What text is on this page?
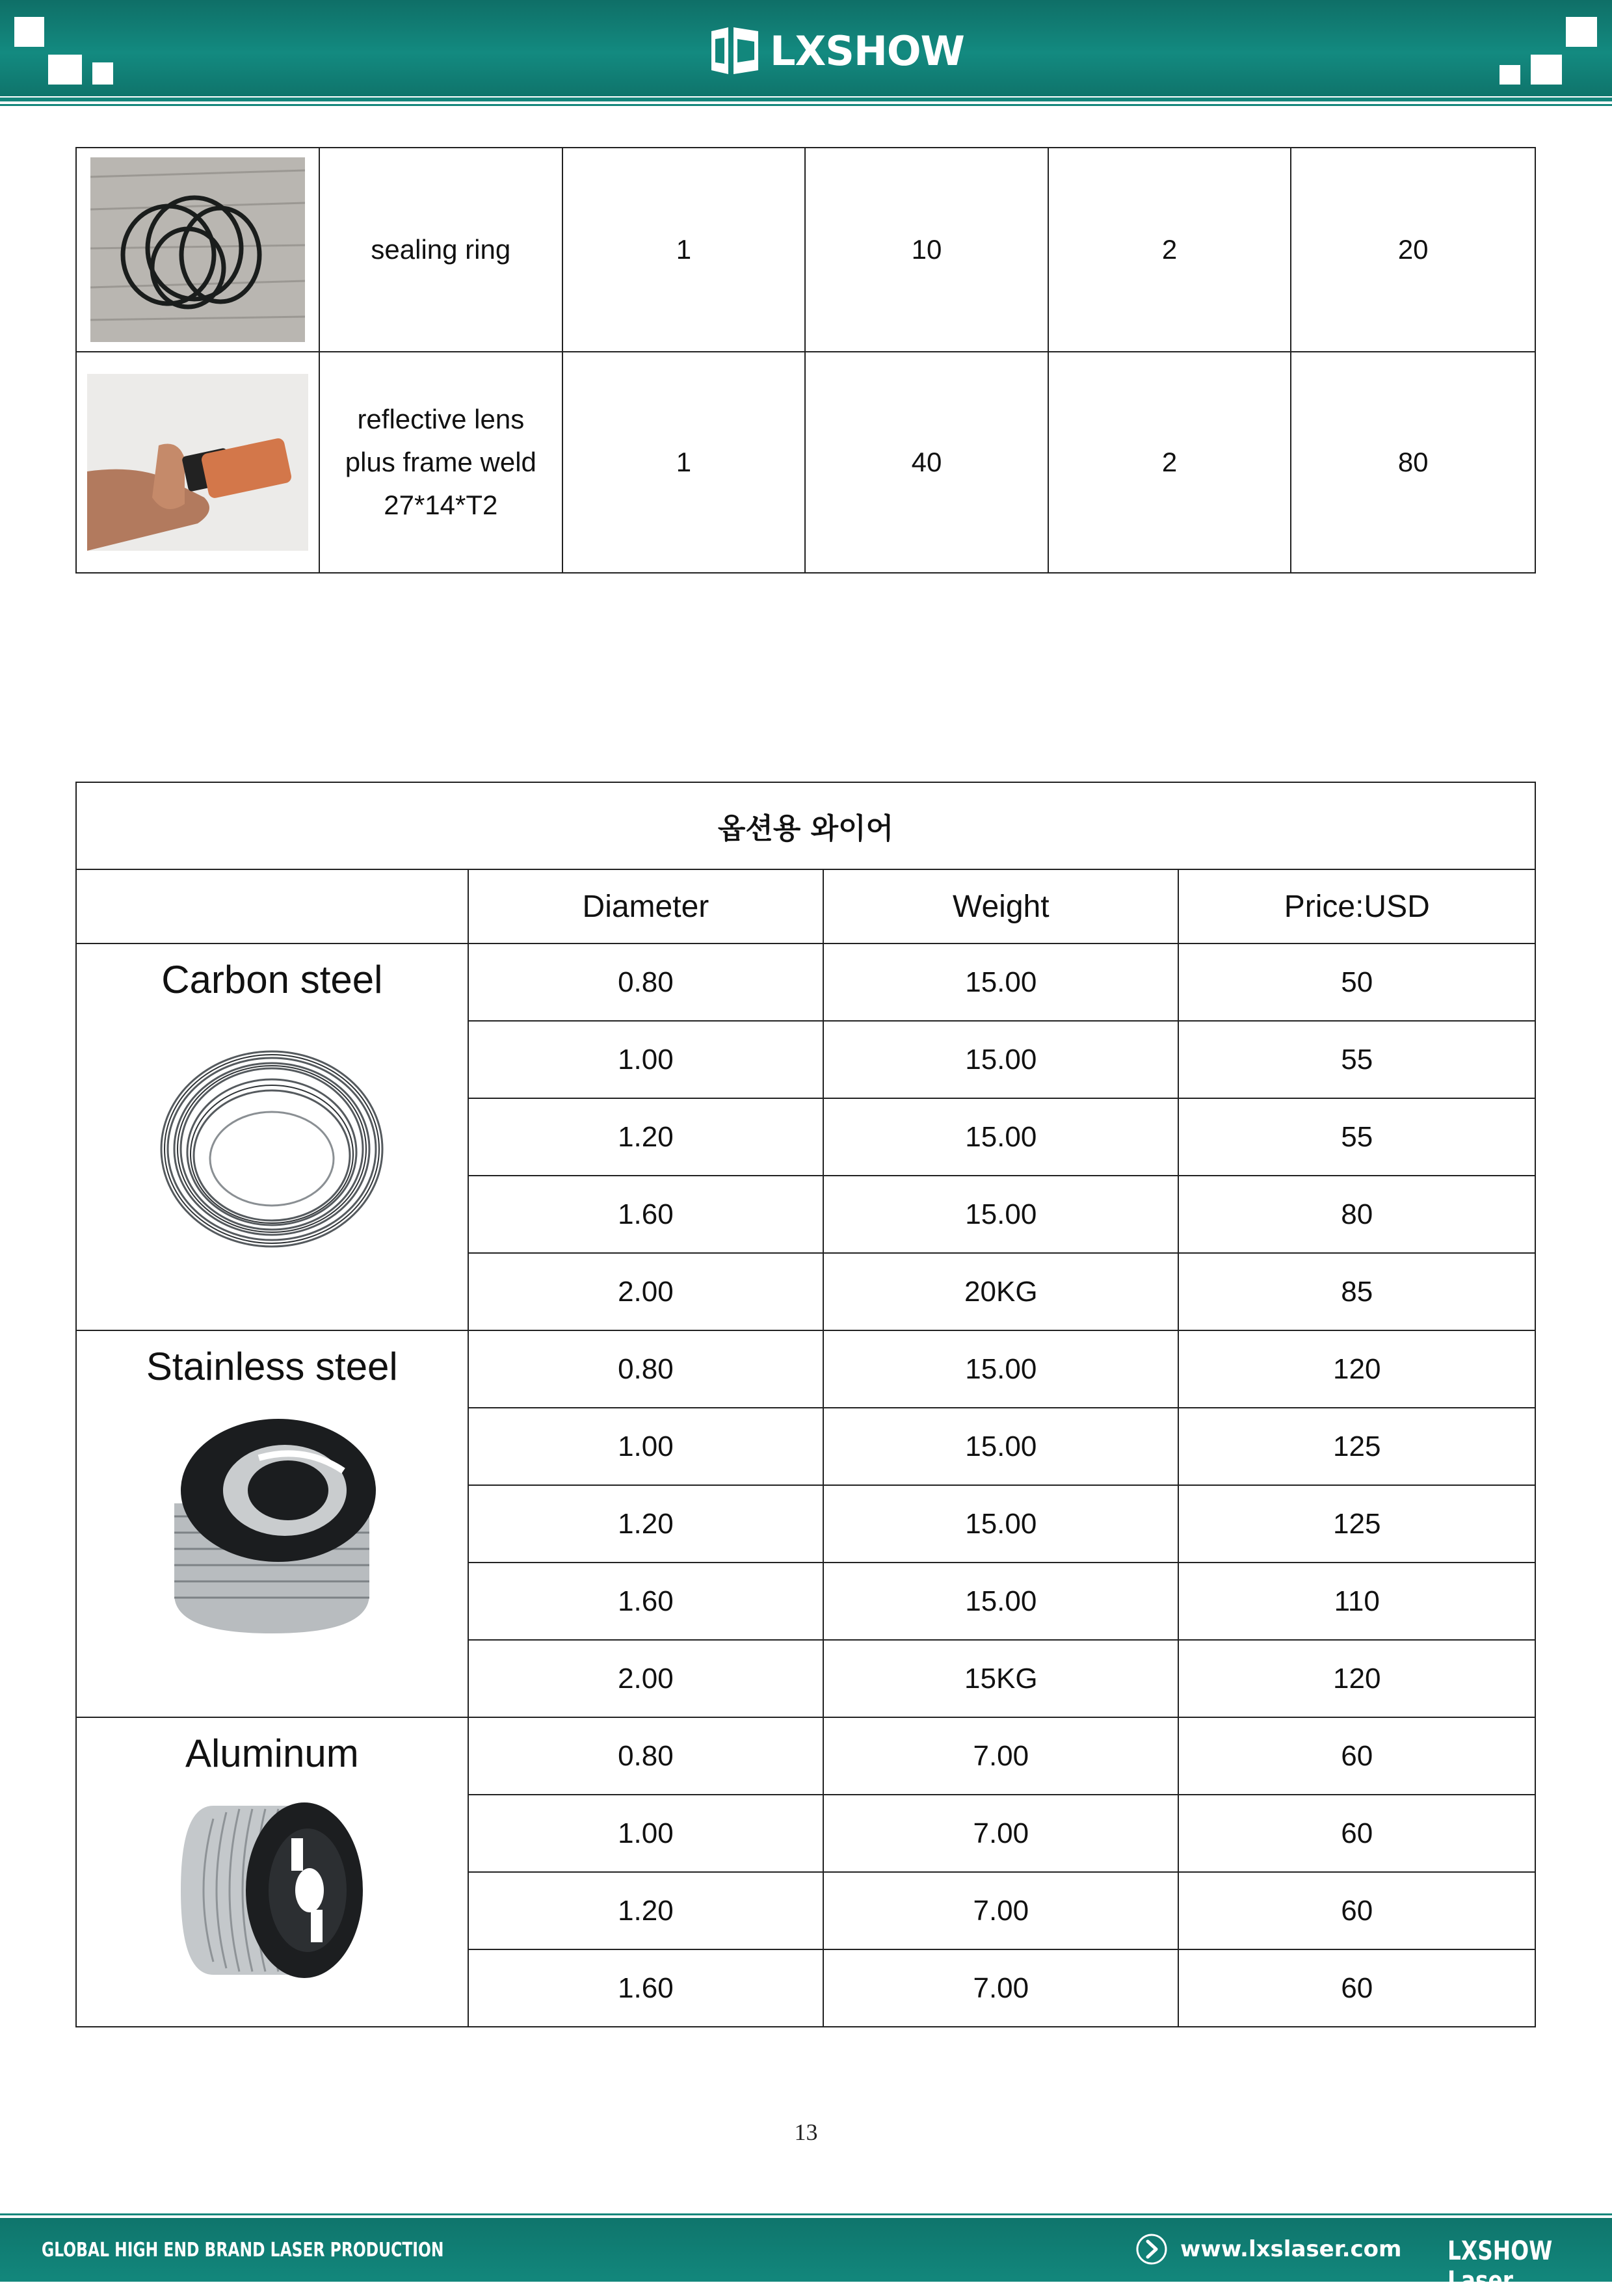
LXSHOW
	sealing ring	1	10	2	20

	reflective lens
plus frame weld
27*14*T2	1	40	2	80
옵션용 와이어			
	Diameter	Weight	Price:USD

Carbon steel	0.80	15.00	50
	1.00	15.00	55
	1.20	15.00	55
	1.60	15.00	80
	2.00	20KG	85

Stainless steel	0.80	15.00	120
	1.00	15.00	125
	1.20	15.00	125
	1.60	15.00	110
	2.00	15KG	120

Aluminum	0.80	7.00	60
	1.00	7.00	60
	1.20	7.00	60
	1.60	7.00	60
13
GLOBAL HIGH END BRAND LASER PRODUCTION	www.lxslaser.com LXSHOW Laser
